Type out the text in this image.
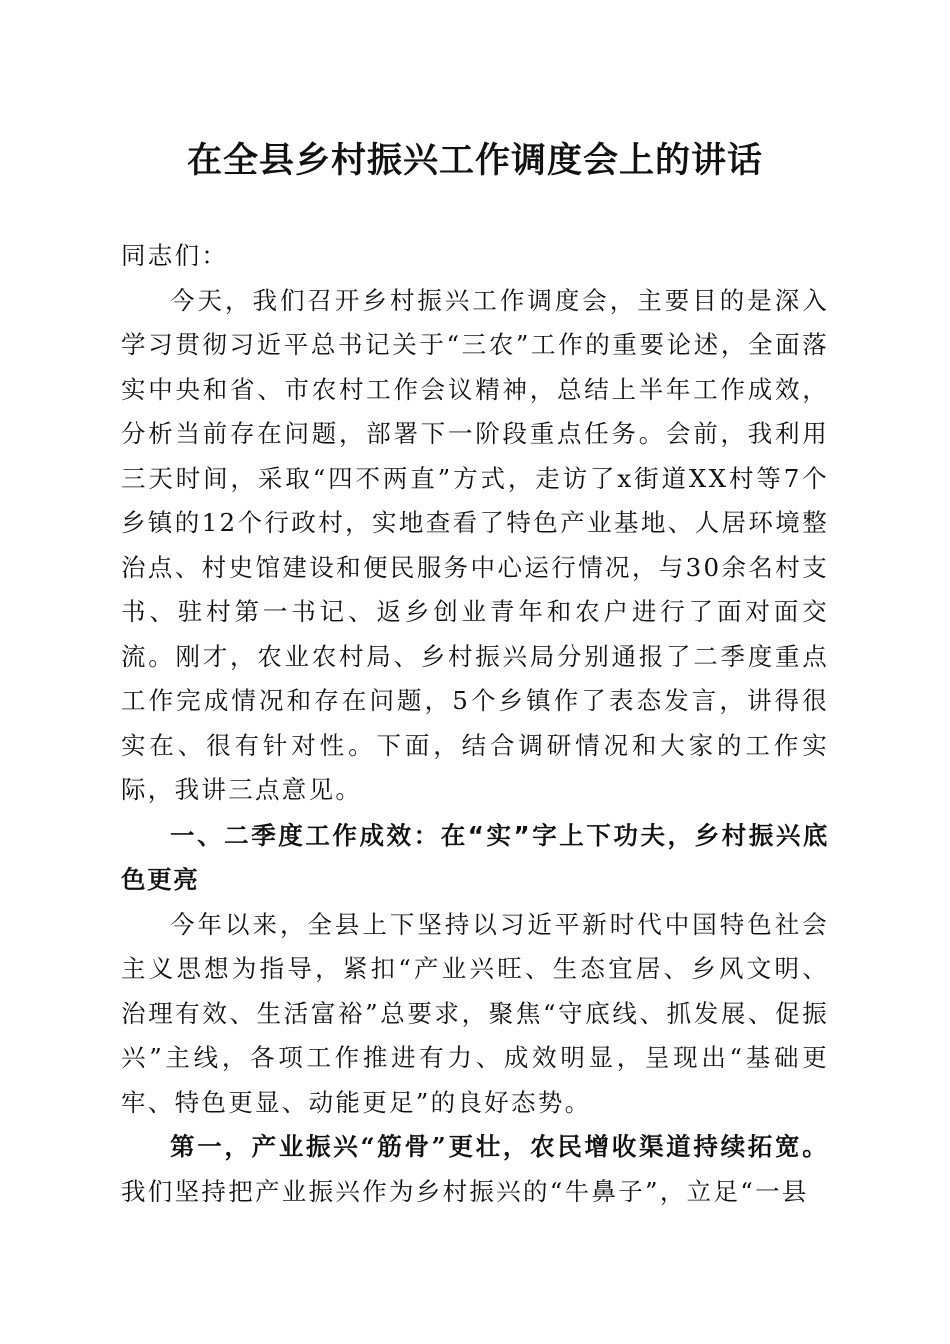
在全县乡村振兴工作调度会上的讲话

同志们：

今天，我们召开乡村振兴工作调度会，主要目的是深入学习贯彻习近平总书记关于“三农”工作的重要论述，全面落实中央和省、市农村工作会议精神，总结上半年工作成效，分析当前存在问题，部署下一阶段重点任务。会前，我利用三天时间，采取“四不两直”方式，走访了x街道XX村等7个乡镇的12个行政村，实地查看了特色产业基地、人居环境整治点、村史馆建设和便民服务中心运行情况，与30余名村支书、驻村第一书记、返乡创业青年和农户进行了面对面交流。刚才，农业农村局、乡村振兴局分别通报了二季度重点工作完成情况和存在问题，5个乡镇作了表态发言，讲得很实在、很有针对性。下面，结合调研情况和大家的工作实际，我讲三点意见。

一、二季度工作成效：在“实”字上下功夫，乡村振兴底色更亮

今年以来，全县上下坚持以习近平新时代中国特色社会主义思想为指导，紧扣“产业兴旺、生态宜居、乡风文明、治理有效、生活富裕”总要求，聚焦“守底线、抓发展、促振兴”主线，各项工作推进有力、成效明显，呈现出“基础更牢、特色更显、动能更足”的良好态势。

第一，产业振兴“筋骨”更壮，农民增收渠道持续拓宽。我们坚持把产业振兴作为乡村振兴的“牛鼻子”，立足“一县
